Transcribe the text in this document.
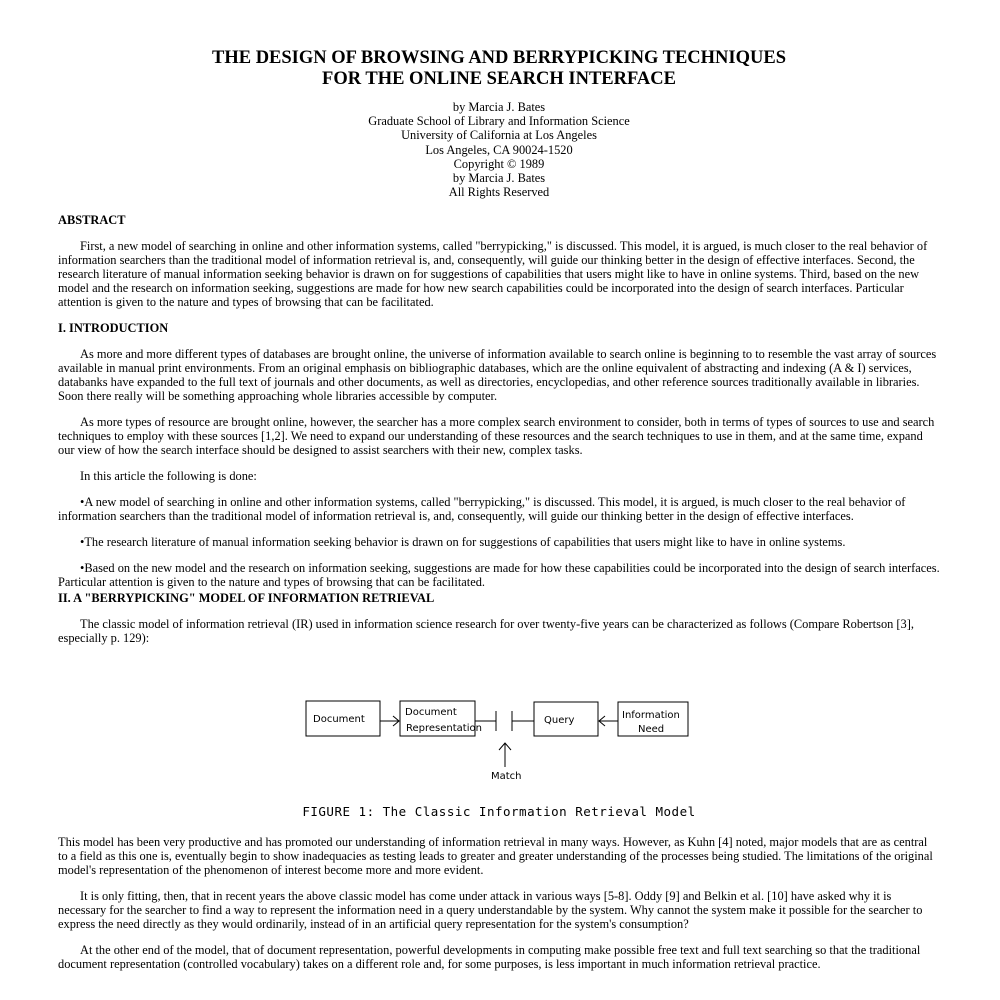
THE DESIGN OF BROWSING AND BERRYPICKING TECHNIQUES
FOR THE ONLINE SEARCH INTERFACE
by Marcia J. Bates
Graduate School of Library and Information Science
University of California at Los Angeles
Los Angeles, CA 90024-1520
Copyright © 1989
by Marcia J. Bates
All Rights Reserved
ABSTRACT

First, a new model of searching in online and other information systems, called "berrypicking," is discussed. This model, it is argued, is much closer to the real behavior of information searchers than the traditional model of information retrieval is, and, consequently, will guide our thinking better in the design of effective interfaces. Second, the research literature of manual information seeking behavior is drawn on for suggestions of capabilities that users might like to have in online systems. Third, based on the new model and the research on information seeking, suggestions are made for how new search capabilities could be incorporated into the design of search interfaces. Particular attention is given to the nature and types of browsing that can be facilitated.

I. INTRODUCTION

As more and more different types of databases are brought online, the universe of information available to search online is beginning to to resemble the vast array of sources available in manual print environments. From an original emphasis on bibliographic databases, which are the online equivalent of abstracting and indexing (A & I) services, databanks have expanded to the full text of journals and other documents, as well as directories, encyclopedias, and other reference sources traditionally available in libraries. Soon there really will be something approaching whole libraries accessible by computer.

As more types of resource are brought online, however, the searcher has a more complex search environment to consider, both in terms of types of sources to use and search techniques to employ with these sources [1,2]. We need to expand our understanding of these resources and the search techniques to use in them, and at the same time, expand our view of how the search interface should be designed to assist searchers with their new, complex tasks.

In this article the following is done:

•A new model of searching in online and other information systems, called "berrypicking," is discussed. This model, it is argued, is much closer to the real behavior of information searchers than the traditional model of information retrieval is, and, consequently, will guide our thinking better in the design of effective interfaces.

•The research literature of manual information seeking behavior is drawn on for suggestions of capabilities that users might like to have in online systems.

•Based on the new model and the research on information seeking, suggestions are made for how these capabilities could be incorporated into the design of search interfaces. Particular attention is given to the nature and types of browsing that can be facilitated.

II. A "BERRYPICKING" MODEL OF INFORMATION RETRIEVAL

The classic model of information retrieval (IR) used in information science research for over twenty-five years can be characterized as follows (Compare Robertson [3], especially p. 129):

Document
Document
Representation
Query	Information
Need
Match
FIGURE 1: The Classic Information Retrieval Model

This model has been very productive and has promoted our understanding of information retrieval in many ways. However, as Kuhn [4] noted, major models that are as central to a field as this one is, eventually begin to show inadequacies as testing leads to greater and greater understanding of the processes being studied. The limitations of the original model's representation of the phenomenon of interest become more and more evident.

It is only fitting, then, that in recent years the above classic model has come under attack in various ways [5-8]. Oddy [9] and Belkin et al. [10] have asked why it is necessary for the searcher to find a way to represent the information need in a query understandable by the system. Why cannot the system make it possible for the searcher to express the need directly as they would ordinarily, instead of in an artificial query representation for the system's consumption?

At the other end of the model, that of document representation, powerful developments in computing make possible free text and full text searching so that the traditional document representation (controlled vocabulary) takes on a different role and, for some purposes, is less important in much information retrieval practice.
